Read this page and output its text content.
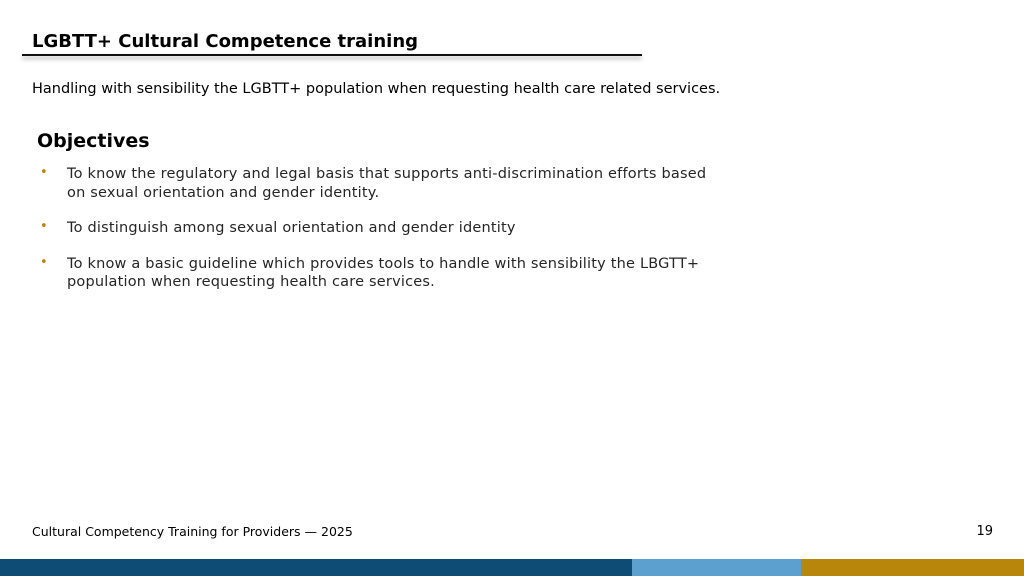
LGBTT+ Cultural Competence training
Handling with sensibility the LGBTT+ population when requesting health care related services.
Objectives
• To know the regulatory and legal basis that supports anti-discrimination efforts based on sexual orientation and gender identity.
• To distinguish among sexual orientation and gender identity
• To know a basic guideline which provides tools to handle with sensibility the LBGTT+ population when requesting health care services.
Cultural Competency Training for Providers — 2025	19
